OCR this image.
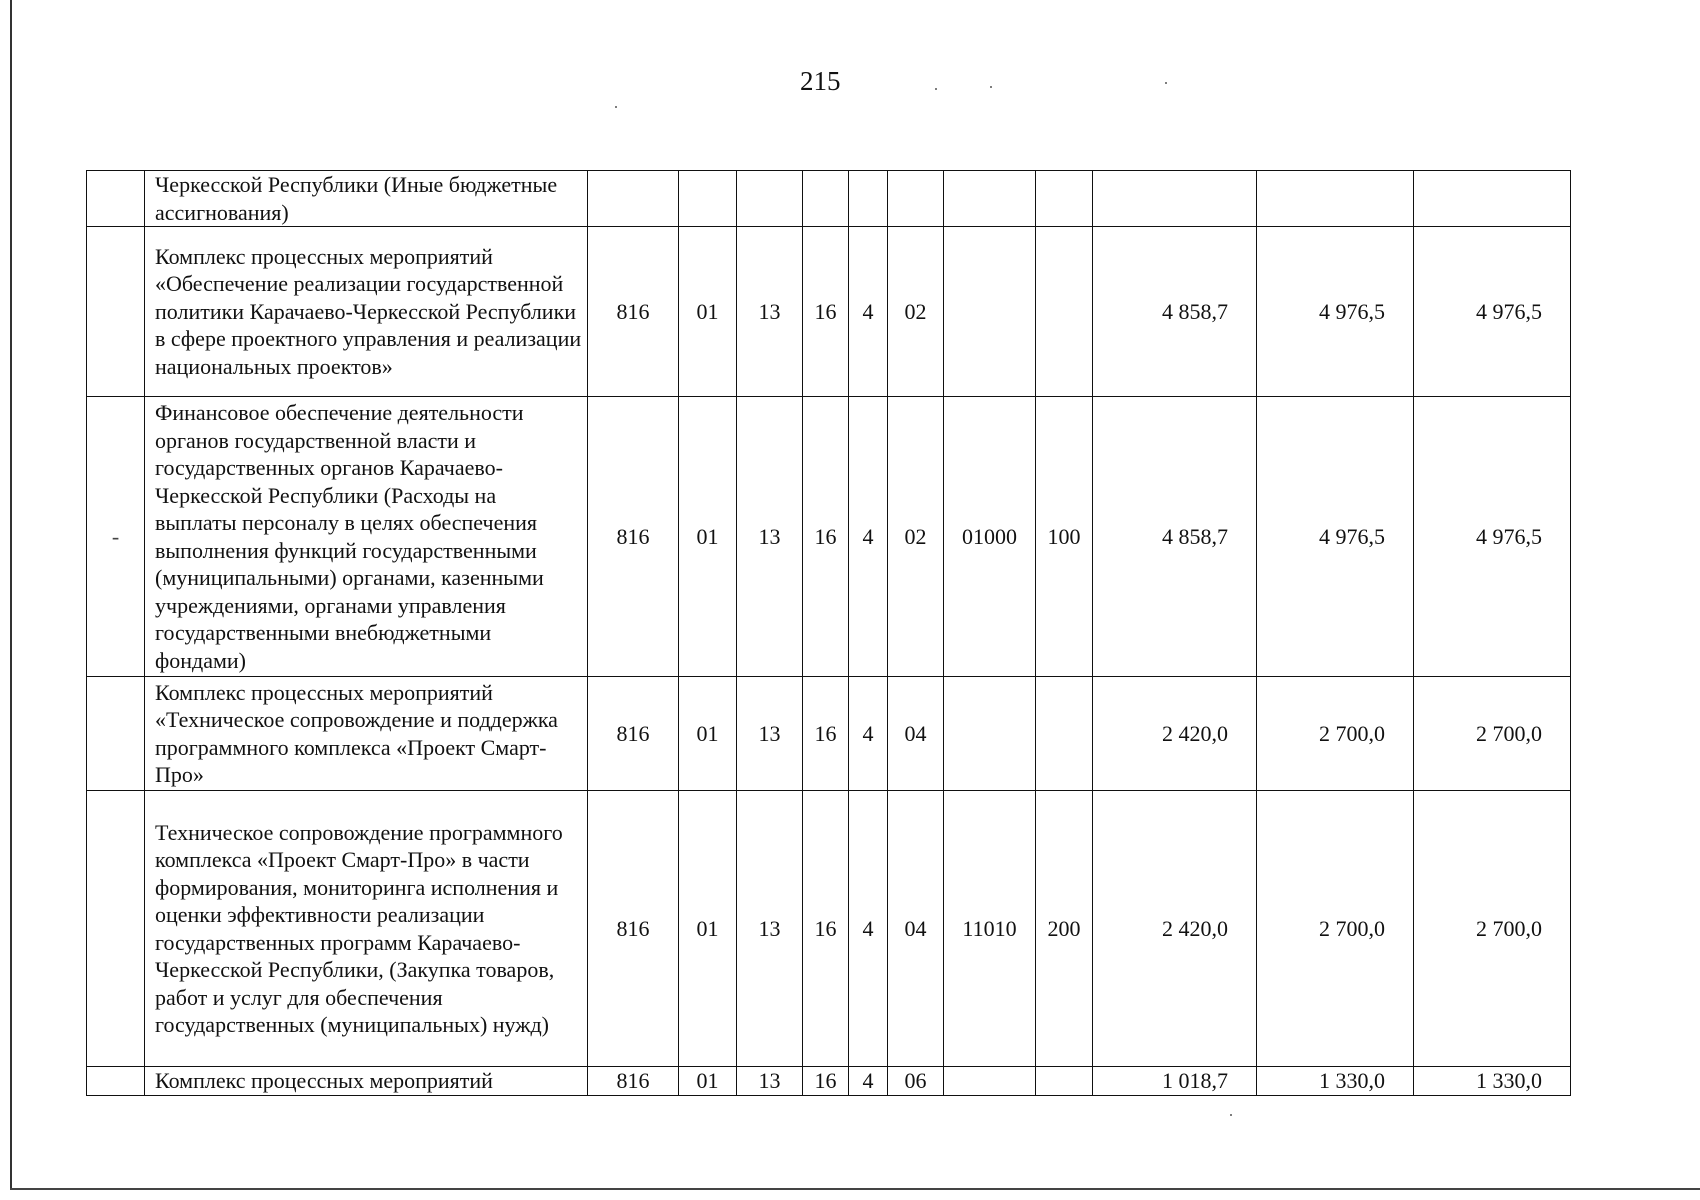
215
	Черкесской Республики (Иные бюджетные ассигнования)											
	Комплекс процессных мероприятий «Обеспечение реализации государственной политики Карачаево-Черкесской Республики в сфере проектного управления и реализации национальных проектов»	816	01	13	16	4	02			4 858,7	4 976,5	4 976,5
-	Финансовое обеспечение деятельности органов государственной власти и государственных органов Карачаево-Черкесской Республики (Расходы на выплаты персоналу в целях обеспечения выполнения функций государственными (муниципальными) органами, казенными учреждениями, органами управления государственными внебюджетными фондами)	816	01	13	16	4	02	01000	100	4 858,7	4 976,5	4 976,5
	Комплекс процессных мероприятий «Техническое сопровождение и поддержка программного комплекса «Проект Смарт-Про»	816	01	13	16	4	04			2 420,0	2 700,0	2 700,0
	Техническое сопровождение программного комплекса «Проект Смарт-Про» в части формирования, мониторинга исполнения и оценки эффективности реализации государственных программ Карачаево-Черкесской Республики, (Закупка товаров, работ и услуг для обеспечения государственных (муниципальных) нужд)	816	01	13	16	4	04	11010	200	2 420,0	2 700,0	2 700,0
	Комплекс процессных мероприятий	816	01	13	16	4	06			1 018,7	1 330,0	1 330,0
